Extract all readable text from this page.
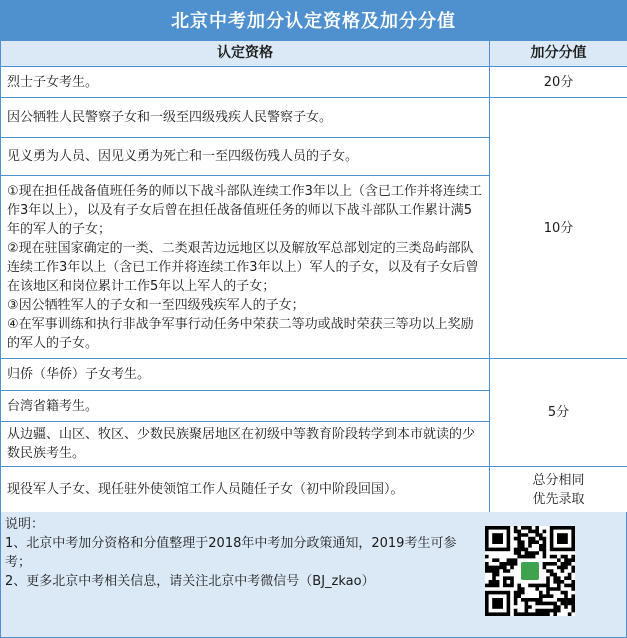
北京中考加分认定资格及加分分值
认定资格	加分分值
烈士子女考生。	20分
因公牺牲人民警察子女和一级至四级残疾人民警察子女。	10分
见义勇为人员、因见义勇为死亡和一至四级伤残人员的子女。	
①现在担任战备值班任务的师以下战斗部队连续工作3年以上（含已工作并将连续工作3年以上），以及有子女后曾在担任战备值班任务的师以下战斗部队工作累计满5年的军人的子女；
②现在驻国家确定的一类、二类艰苦边远地区以及解放军总部划定的三类岛屿部队连续工作3年以上（含已工作并将连续工作3年以上）军人的子女，以及有子女后曾在该地区和岗位累计工作5年以上军人的子女；
③因公牺牲军人的子女和一至四级残疾军人的子女；
④在军事训练和执行非战争军事行动任务中荣获二等功或战时荣获三等功以上奖励的军人的子女。	
归侨（华侨）子女考生。	5分
台湾省籍考生。	
从边疆、山区、牧区、少数民族聚居地区在初级中等教育阶段转学到本市就读的少数民族考生。	
现役军人子女、现任驻外使领馆工作人员随任子女（初中阶段回国）。	总分相同
优先录取
说明：
1、北京中考加分资格和分值整理于2018年中考加分政策通知，2019考生可参考；
2、更多北京中考相关信息，请关注北京中考微信号（BJ_zkao）
